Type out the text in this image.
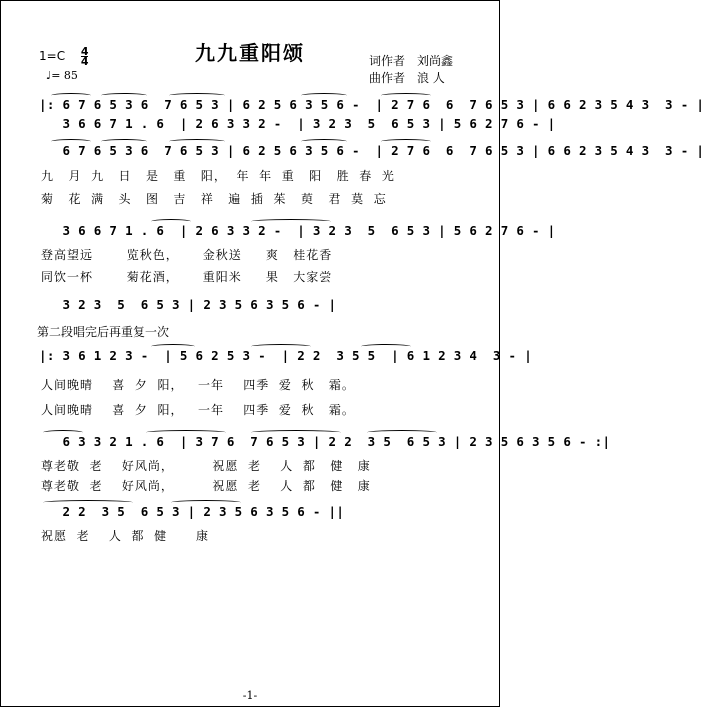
九九重阳颂
$1=C \frac{4}{4}$
♩= 85
词作者　 刘尚鑫
曲作者　 浪 人
|: 6 7 6 5 3 6  7 6 5 3 | 6 2 5 6 3 5 6 -  | 2 7 6  6  7 6 5 3 | 6 6 2 3 5 4 3  3 - |
3 6 6 7 1 . 6  | 2 6 3 3 2 -  | 3 2 3  5  6 5 3 | 5 6 2 7 6 - |
6 7 6 5 3 6  7 6 5 3 | 6 2 5 6 3 5 6 -  | 2 7 6  6  7 6 5 3 | 6 6 2 3 5 4 3  3 - |
九   月  九   日   是   重   阳，  年  年  重   阳   胜  春  光
菊   花  满   头   图   吉   祥   遍  插  茱   萸   君  莫  忘
3 6 6 7 1 . 6  | 2 6 3 3 2 -  | 3 2 3  5  6 5 3 | 5 6 2 7 6 - |
登高望远       览秋色，     金秋送     爽   桂花香
同饮一杯       菊花酒，     重阳米     果   大家尝
3 2 3  5  6 5 3 | 2 3 5 6 3 5 6 - |
第二段唱完后再重复一次
|: 3 6 1 2 3 -  | 5 6 2 5 3 -  | 2 2  3 5 5  | 6 1 2 3 4  3 - |
人间晚晴    喜  夕  阳，   一年    四季  爱  秋   霜。
人间晚晴    喜  夕  阳，   一年    四季  爱  秋   霜。
6 3 3 2 1 . 6  | 3 7 6  7 6 5 3 | 2 2  3 5  6 5 3 | 2 3 5 6 3 5 6 - :|
尊老敬  老    好风尚，        祝愿  老    人  都   健   康
尊老敬  老    好风尚，        祝愿  老    人  都   健   康
2 2  3 5  6 5 3 | 2 3 5 6 3 5 6 - ||
祝愿  老    人  都  健      康
-1-
